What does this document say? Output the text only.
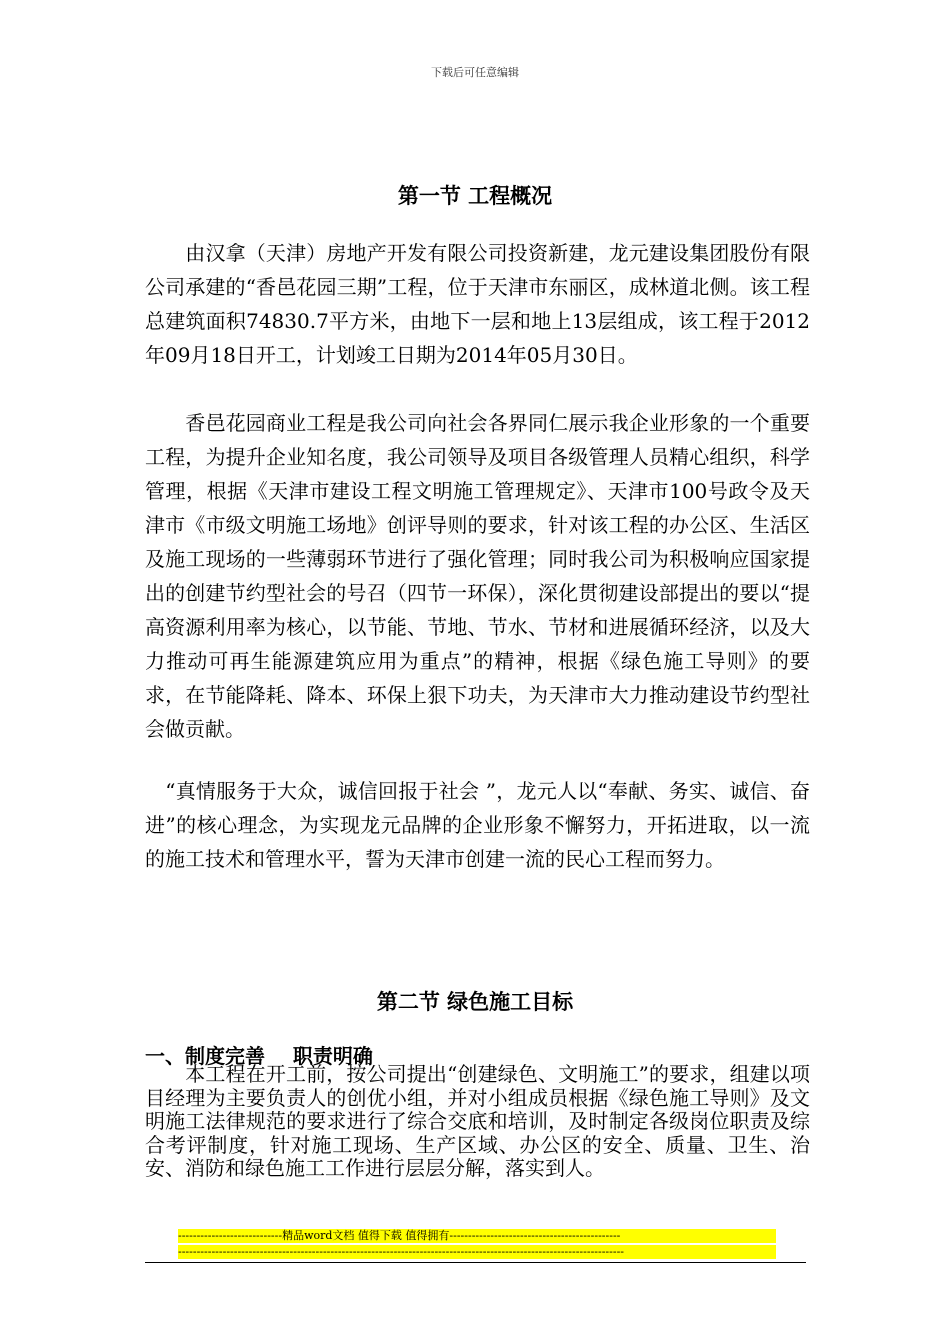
下载后可任意编辑
第一节 工程概况

　　由汉拿（天津）房地产开发有限公司投资新建，龙元建设集团股份有限公司承建的“香邑花园三期”工程，位于天津市东丽区，成林道北侧。该工程总建筑面积74830.7平方米，由地下一层和地上13层组成，该工程于2012年09月18日开工，计划竣工日期为2014年05月30日。

　　香邑花园商业工程是我公司向社会各界同仁展示我企业形象的一个重要工程，为提升企业知名度，我公司领导及项目各级管理人员精心组织，科学管理，根据《天津市建设工程文明施工管理规定》、天津市100号政令及天津市《市级文明施工场地》创评导则的要求，针对该工程的办公区、生活区及施工现场的一些薄弱环节进行了强化管理；同时我公司为积极响应国家提出的创建节约型社会的号召（四节一环保），深化贯彻建设部提出的要以“提高资源利用率为核心，以节能、节地、节水、节材和进展循环经济，以及大力推动可再生能源建筑应用为重点”的精神，根据《绿色施工导则》的要求，在节能降耗、降本、环保上狠下功夫，为天津市大力推动建设节约型社会做贡献。

　“真情服务于大众，诚信回报于社会 ”，龙元人以“奉献、务实、诚信、奋进”的核心理念，为实现龙元品牌的企业形象不懈努力，开拓进取，以一流的施工技术和管理水平，誓为天津市创建一流的民心工程而努力。

第二节 绿色施工目标
一、制度完善    职责明确

　　本工程在开工前，按公司提出“创建绿色、文明施工”的要求，组建以项目经理为主要负责人的创优小组，并对小组成员根据《绿色施工导则》及文明施工法律规范的要求进行了综合交底和培训，及时制定各级岗位职责及综合考评制度，针对施工现场、生产区域、办公区的安全、质量、卫生、治安、消防和绿色施工工作进行层层分解，落实到人。

----------------------------精品word文档 值得下载 值得拥有----------------------------------------------
------------------------------------------------------------------------------------------------------------------------
